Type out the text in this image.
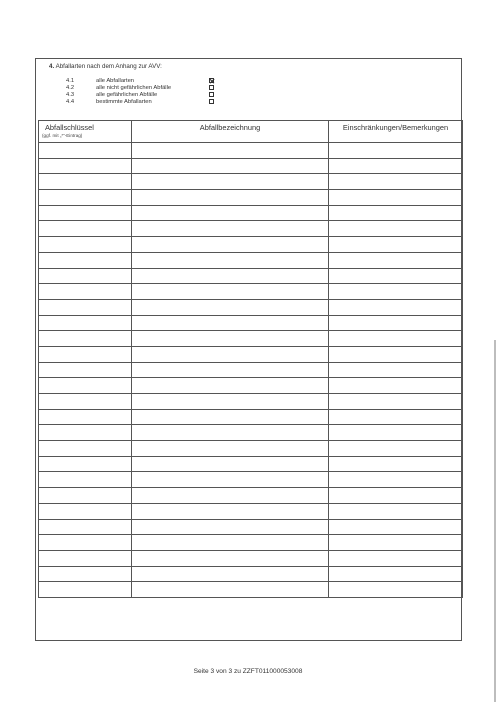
4. Abfallarten nach dem Anhang zur AVV:
4.1	alle Abfallarten
4.2	alle nicht gefährlichen Abfälle
4.3	alle gefährlichen Abfälle
4.4	bestimmte Abfallarten
Abfallschlüssel
(ggf. mit „*“-Eintrag)	Abfallbezeichnung	Einschränkungen/Bemerkungen

Seite 3 von 3 zu ZZFT011000053008
